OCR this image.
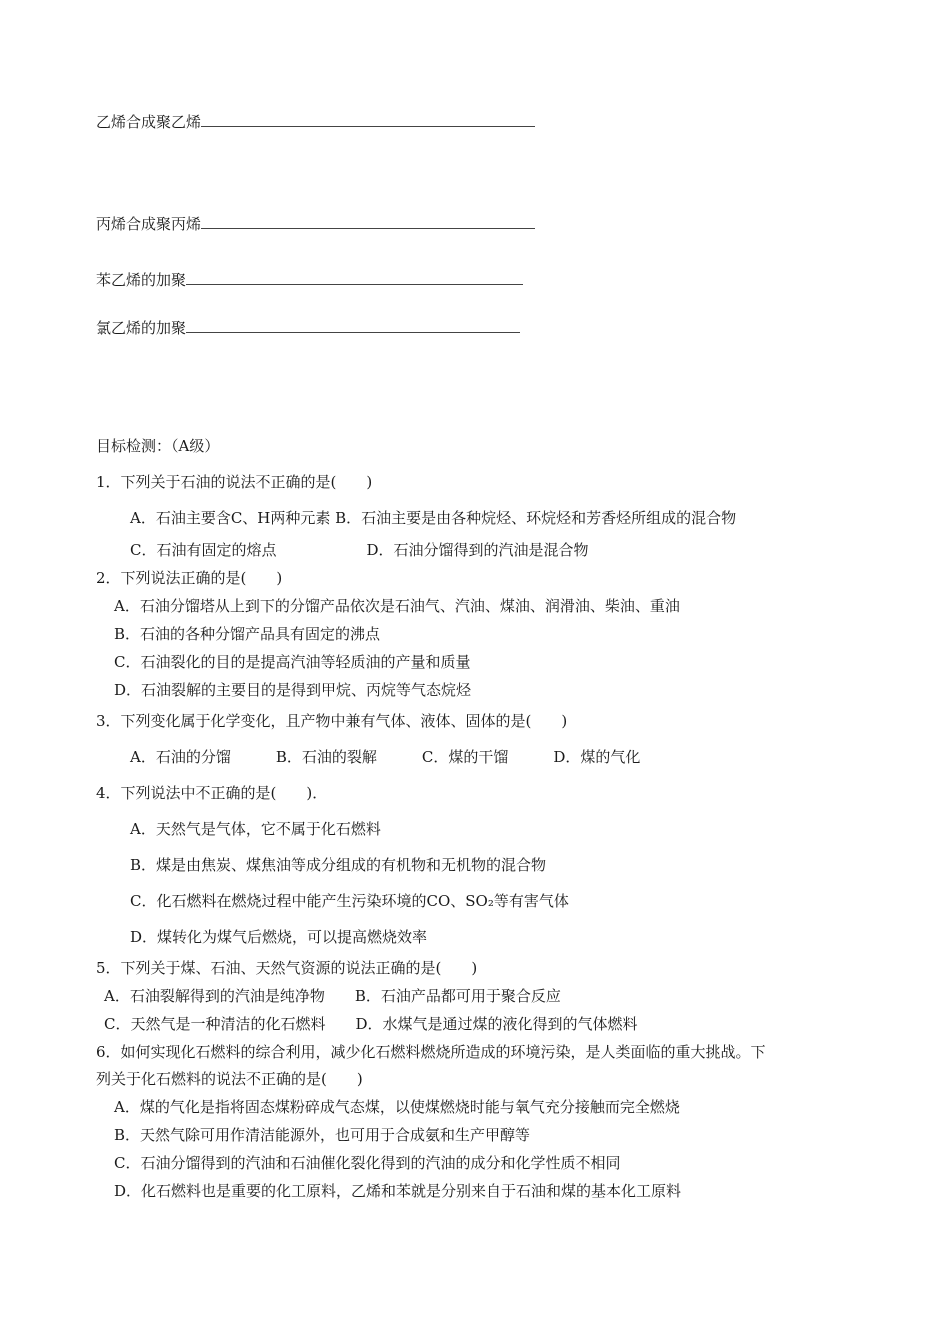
乙烯合成聚乙烯
丙烯合成聚丙烯
苯乙烯的加聚
氯乙烯的加聚
目标检测：（A级）
1．下列关于石油的说法不正确的是(　　)
A．石油主要含C、H两种元素 B．石油主要是由各种烷烃、环烷烃和芳香烃所组成的混合物
C．石油有固定的熔点　　　　　　D．石油分馏得到的汽油是混合物
2．下列说法正确的是(　　)
A．石油分馏塔从上到下的分馏产品依次是石油气、汽油、煤油、润滑油、柴油、重油
B．石油的各种分馏产品具有固定的沸点
C．石油裂化的目的是提高汽油等轻质油的产量和质量
D．石油裂解的主要目的是得到甲烷、丙烷等气态烷烃
3．下列变化属于化学变化，且产物中兼有气体、液体、固体的是(　　)
A．石油的分馏　　　B．石油的裂解　　　C．煤的干馏　　　D．煤的气化
4．下列说法中不正确的是(　　)．
A．天然气是气体，它不属于化石燃料
B．煤是由焦炭、煤焦油等成分组成的有机物和无机物的混合物
C．化石燃料在燃烧过程中能产生污染环境的CO、SO₂等有害气体
D．煤转化为煤气后燃烧，可以提高燃烧效率
5．下列关于煤、石油、天然气资源的说法正确的是(　　)
A．石油裂解得到的汽油是纯净物　　B．石油产品都可用于聚合反应
C．天然气是一种清洁的化石燃料　　D．水煤气是通过煤的液化得到的气体燃料
6．如何实现化石燃料的综合利用，减少化石燃料燃烧所造成的环境污染，是人类面临的重大挑战。下
列关于化石燃料的说法不正确的是(　　)
A．煤的气化是指将固态煤粉碎成气态煤，以使煤燃烧时能与氧气充分接触而完全燃烧
B．天然气除可用作清洁能源外，也可用于合成氨和生产甲醇等
C．石油分馏得到的汽油和石油催化裂化得到的汽油的成分和化学性质不相同
D．化石燃料也是重要的化工原料，乙烯和苯就是分别来自于石油和煤的基本化工原料
